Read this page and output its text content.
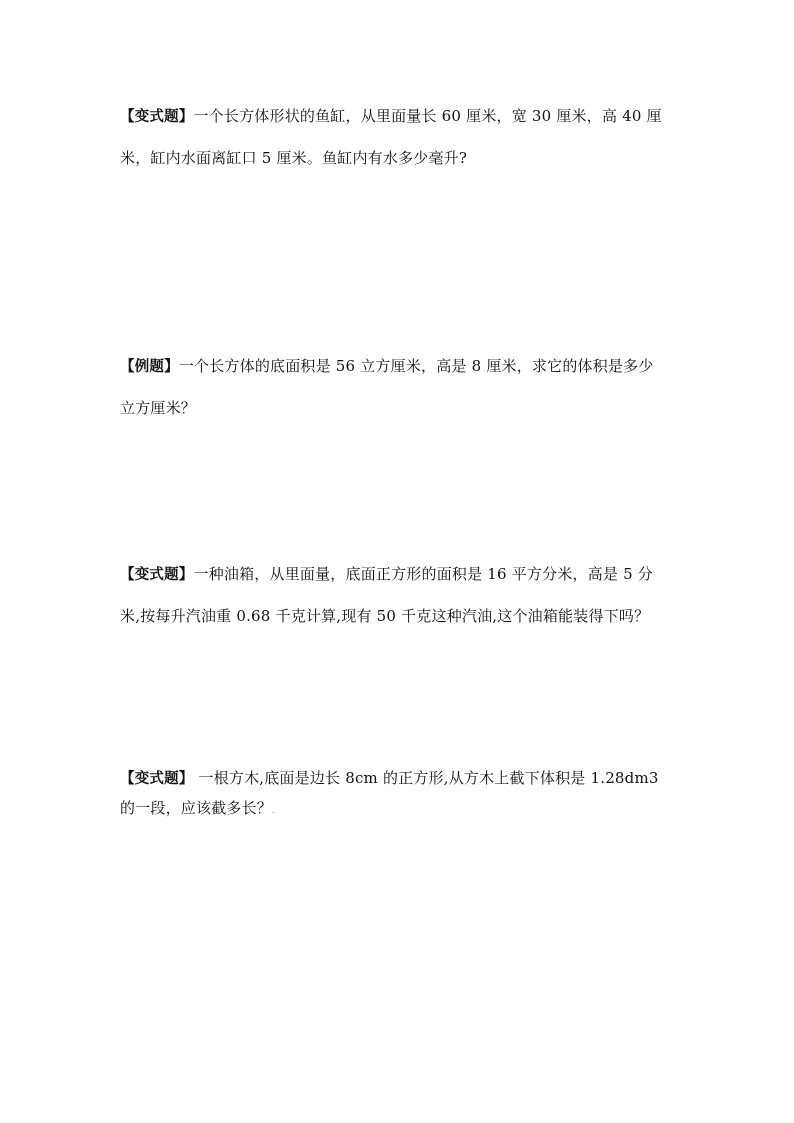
【变式题】一个长方体形状的鱼缸，从里面量长 60 厘米，宽 30 厘米，高 40 厘
米，缸内水面离缸口 5 厘米。鱼缸内有水多少毫升?
【例题】一个长方体的底面积是 56 立方厘米，高是 8 厘米，求它的体积是多少
立方厘米？
【变式题】一种油箱，从里面量，底面正方形的面积是 16 平方分米，高是 5 分
米,按每升汽油重 0.68 千克计算,现有 50 千克这种汽油,这个油箱能装得下吗？
【变式题】 一根方木,底面是边长 8cm 的正方形,从方木上截下体积是 1.28dm3
的一段，应该截多长？.
